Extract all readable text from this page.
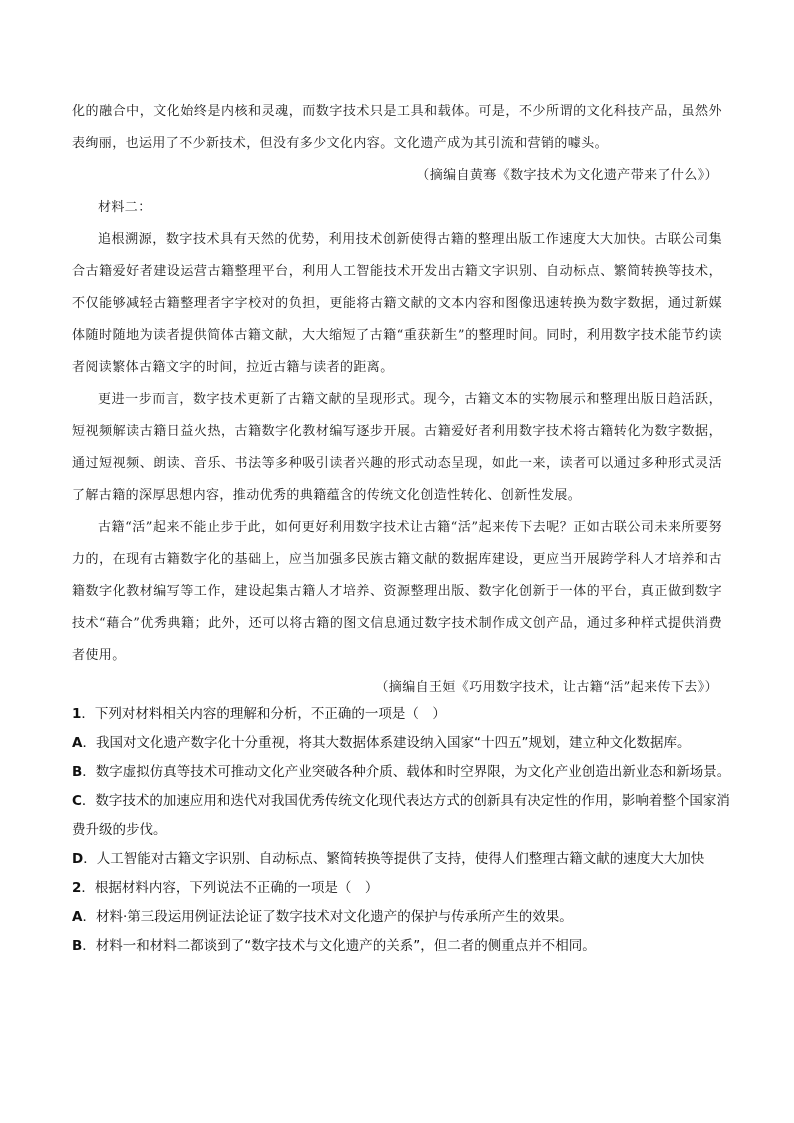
化的融合中，文化始终是内核和灵魂，而数字技术只是工具和载体。可是，不少所谓的文化科技产品，虽然外表绚丽，也运用了不少新技术，但没有多少文化内容。文化遗产成为其引流和营销的噱头。

（摘编自黄骞《数字技术为文化遗产带来了什么》）

材料二：

追根溯源，数字技术具有天然的优势，利用技术创新使得古籍的整理出版工作速度大大加快。古联公司集合古籍爱好者建设运营古籍整理平台，利用人工智能技术开发出古籍文字识别、自动标点、繁简转换等技术，不仅能够减轻古籍整理者字字校对的负担，更能将古籍文献的文本内容和图像迅速转换为数字数据，通过新媒体随时随地为读者提供简体古籍文献，大大缩短了古籍“重获新生”的整理时间。同时，利用数字技术能节约读者阅读繁体古籍文字的时间，拉近古籍与读者的距离。

更进一步而言，数字技术更新了古籍文献的呈现形式。现今，古籍文本的实物展示和整理出版日趋活跃，短视频解读古籍日益火热，古籍数字化教材编写逐步开展。古籍爱好者利用数字技术将古籍转化为数字数据，通过短视频、朗读、音乐、书法等多种吸引读者兴趣的形式动态呈现，如此一来，读者可以通过多种形式灵活了解古籍的深厚思想内容，推动优秀的典籍蕴含的传统文化创造性转化、创新性发展。

古籍“活”起来不能止步于此，如何更好利用数字技术让古籍“活”起来传下去呢？正如古联公司未来所要努力的，在现有古籍数字化的基础上，应当加强多民族古籍文献的数据库建设，更应当开展跨学科人才培养和古籍数字化教材编写等工作，建设起集古籍人才培养、资源整理出版、数字化创新于一体的平台，真正做到数字技术“藉合”优秀典籍；此外，还可以将古籍的图文信息通过数字技术制作成文创产品，通过多种样式提供消费者使用。

（摘编自王姮《巧用数字技术，让古籍“活”起来传下去》）

1．下列对材料相关内容的理解和分析，不正确的一项是（　）

A．我国对文化遗产数字化十分重视，将其大数据体系建设纳入国家“十四五”规划，建立种文化数据库。

B．数字虚拟仿真等技术可推动文化产业突破各种介质、载体和时空界限，为文化产业创造出新业态和新场景。

C．数字技术的加速应用和迭代对我国优秀传统文化现代表达方式的创新具有决定性的作用，影响着整个国家消费升级的步伐。

D．人工智能对古籍文字识别、自动标点、繁简转换等提供了支持，使得人们整理古籍文献的速度大大加快

2．根据材料内容，下列说法不正确的一项是（　）

A．材料·第三段运用例证法论证了数字技术对文化遗产的保护与传承所产生的效果。

B．材料一和材料二都谈到了“数字技术与文化遗产的关系”，但二者的侧重点并不相同。
